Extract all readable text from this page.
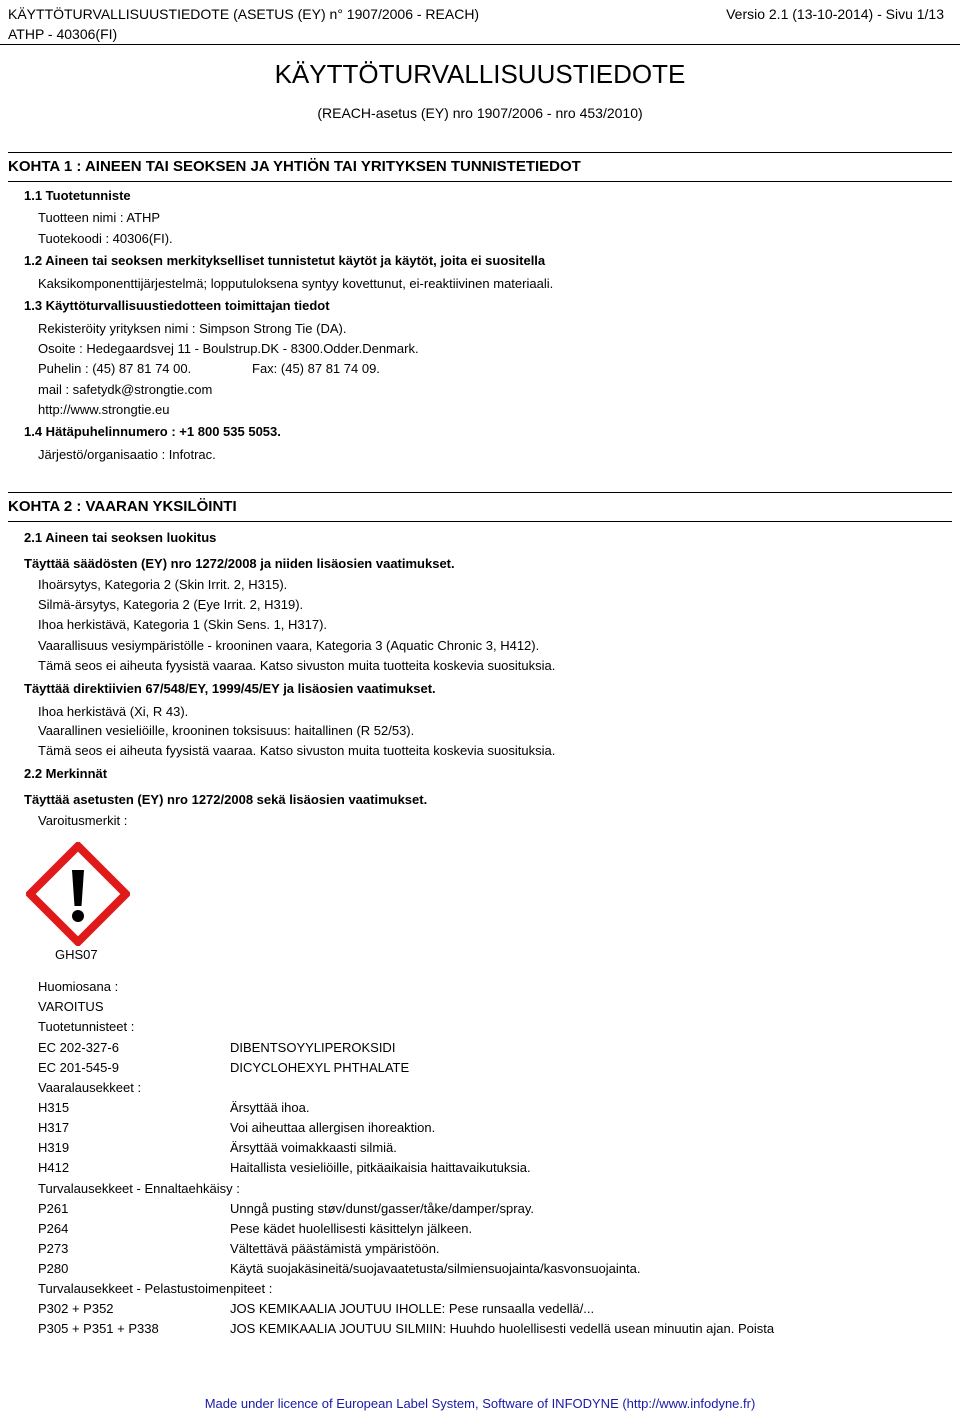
KÄYTTÖTURVALLISUUSTIEDOTE (ASETUS (EY) n° 1907/2006 - REACH)
ATHP - 40306(FI)
Versio 2.1 (13-10-2014) - Sivu 1/13
KÄYTTÖTURVALLISUUSTIEDOTE
(REACH-asetus (EY) nro 1907/2006 - nro 453/2010)
KOHTA 1 : AINEEN TAI SEOKSEN JA YHTIÖN TAI YRITYKSEN TUNNISTETIEDOT
1.1 Tuotetunniste
Tuotteen nimi : ATHP
Tuotekoodi : 40306(FI).
1.2 Aineen tai seoksen merkitykselliset tunnistetut käytöt ja käytöt, joita ei suositella
Kaksikomponenttijärjestelmä; lopputuloksena syntyy kovettunut, ei-reaktiivinen materiaali.
1.3 Käyttöturvallisuustiedotteen toimittajan tiedot
Rekisteröity yrityksen nimi : Simpson Strong Tie (DA).
Osoite : Hedegaardsvej 11 - Boulstrup.DK - 8300.Odder.Denmark.
Puhelin : (45) 87 81 74 00.	Fax: (45) 87 81 74 09.
mail : safetydk@strongtie.com
http://www.strongtie.eu
1.4 Hätäpuhelinnumero : +1 800 535 5053.
Järjestö/organisaatio : Infotrac.
KOHTA 2 : VAARAN YKSILÖINTI
2.1 Aineen tai seoksen luokitus
Täyttää säädösten (EY) nro 1272/2008 ja niiden lisäosien vaatimukset.
Ihoärsytys, Kategoria 2 (Skin Irrit. 2, H315).
Silmä-ärsytys, Kategoria 2 (Eye Irrit. 2, H319).
Ihoa herkistävä, Kategoria 1 (Skin Sens. 1, H317).
Vaarallisuus vesiympäristölle - krooninen vaara, Kategoria 3 (Aquatic Chronic 3, H412).
Tämä seos ei aiheuta fyysistä vaaraa. Katso sivuston muita tuotteita koskevia suosituksia.
Täyttää direktiivien 67/548/EY, 1999/45/EY ja lisäosien vaatimukset.
Ihoa herkistävä (Xi, R 43).
Vaarallinen vesieliöille, krooninen toksisuus: haitallinen (R 52/53).
Tämä seos ei aiheuta fyysistä vaaraa. Katso sivuston muita tuotteita koskevia suosituksia.
2.2 Merkinnät
Täyttää asetusten (EY) nro 1272/2008 sekä lisäosien vaatimukset.
Varoitusmerkit :
GHS07
Huomiosana :
VAROITUS
Tuotetunnisteet :
EC 202-327-6	DIBENTSOYYLIPEROKSIDI
EC 201-545-9	DICYCLOHEXYL PHTHALATE
Vaaralausekkeet :
H315	Ärsyttää ihoa.
H317	Voi aiheuttaa allergisen ihoreaktion.
H319	Ärsyttää voimakkaasti silmiä.
H412	Haitallista vesieliöille, pitkäaikaisia haittavaikutuksia.
Turvalausekkeet - Ennaltaehkäisy :
P261	Unngå pusting støv/dunst/gasser/tåke/damper/spray.
P264	Pese kädet huolellisesti käsittelyn jälkeen.
P273	Vältettävä päästämistä ympäristöön.
P280	Käytä suojakäsineitä/suojavaatetusta/silmiensuojainta/kasvonsuojainta.
Turvalausekkeet - Pelastustoimenpiteet :
P302 + P352	JOS KEMIKAALIA JOUTUU IHOLLE: Pese runsaalla vedellä/...
P305 + P351 + P338	JOS KEMIKAALIA JOUTUU SILMIIN: Huuhdo huolellisesti vedellä usean minuutin ajan. Poista
Made under licence of European Label System, Software of INFODYNE (http://www.infodyne.fr)
